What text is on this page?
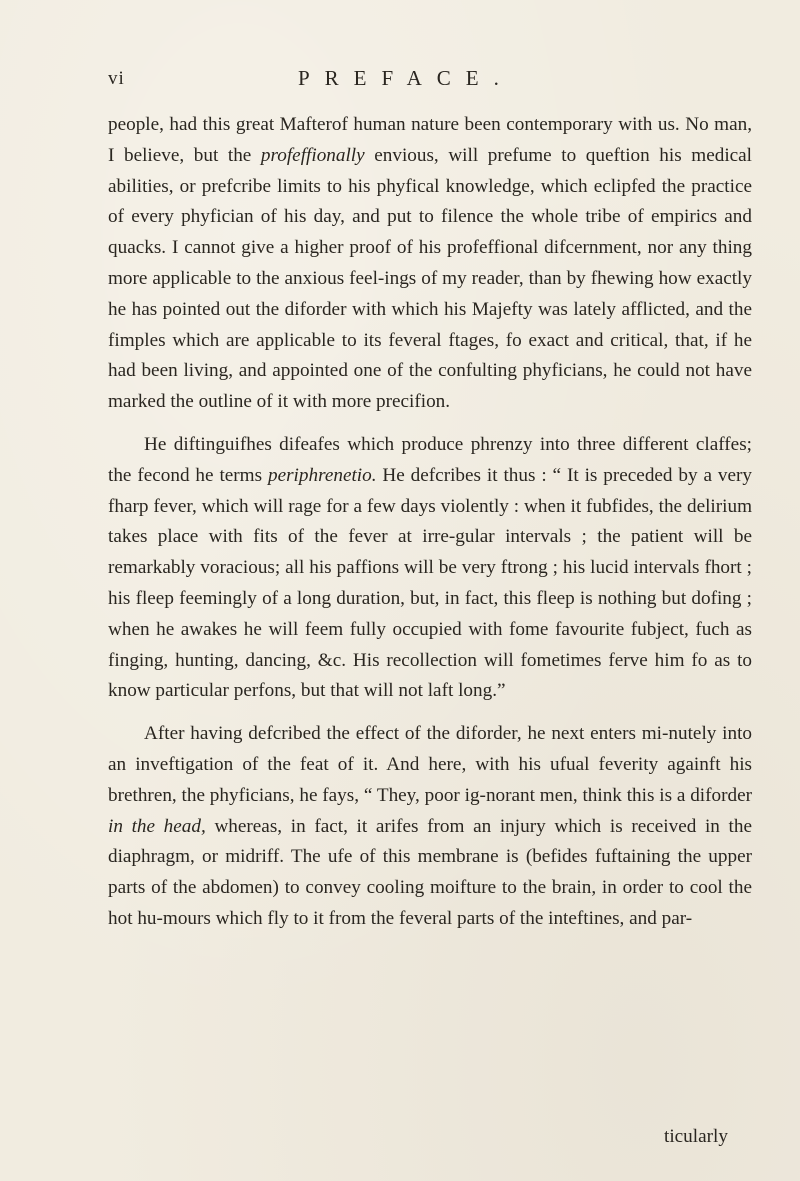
vi	PREFACE.

people, had this great Mafterof human nature been contemporary with us. No man, I believe, but the profeffionally envious, will prefume to queftion his medical abilities, or prefcribe limits to his phyfical knowledge, which eclipfed the practice of every phyfician of his day, and put to filence the whole tribe of empirics and quacks. I cannot give a higher proof of his profeffional difcernment, nor any thing more applicable to the anxious feel-ings of my reader, than by fhewing how exactly he has pointed out the diforder with which his Majefty was lately afflicted, and the fimples which are applicable to its feveral ftages, fo exact and critical, that, if he had been living, and appointed one of the confulting phyficians, he could not have marked the outline of it with more precifion.

He diftinguifhes difeafes which produce phrenzy into three different claffes; the fecond he terms periphrenetio. He defcribes it thus : “ It is preceded by a very fharp fever, which will rage for a few days violently : when it fubfides, the delirium takes place with fits of the fever at irre-gular intervals ; the patient will be remarkably voracious; all his paffions will be very ftrong ; his lucid intervals fhort ; his fleep feemingly of a long duration, but, in fact, this fleep is nothing but dofing ; when he awakes he will feem fully occupied with fome favourite fubject, fuch as finging, hunting, dancing, &c. His recollection will fometimes ferve him fo as to know particular perfons, but that will not laft long.”

After having defcribed the effect of the diforder, he next enters mi-nutely into an inveftigation of the feat of it. And here, with his ufual feverity againft his brethren, the phyficians, he fays, “ They, poor ig-norant men, think this is a diforder in the head, whereas, in fact, it arifes from an injury which is received in the diaphragm, or midriff. The ufe of this membrane is (befides fuftaining the upper parts of the abdomen) to convey cooling moifture to the brain, in order to cool the hot hu-mours which fly to it from the feveral parts of the inteftines, and par-

ticularly
